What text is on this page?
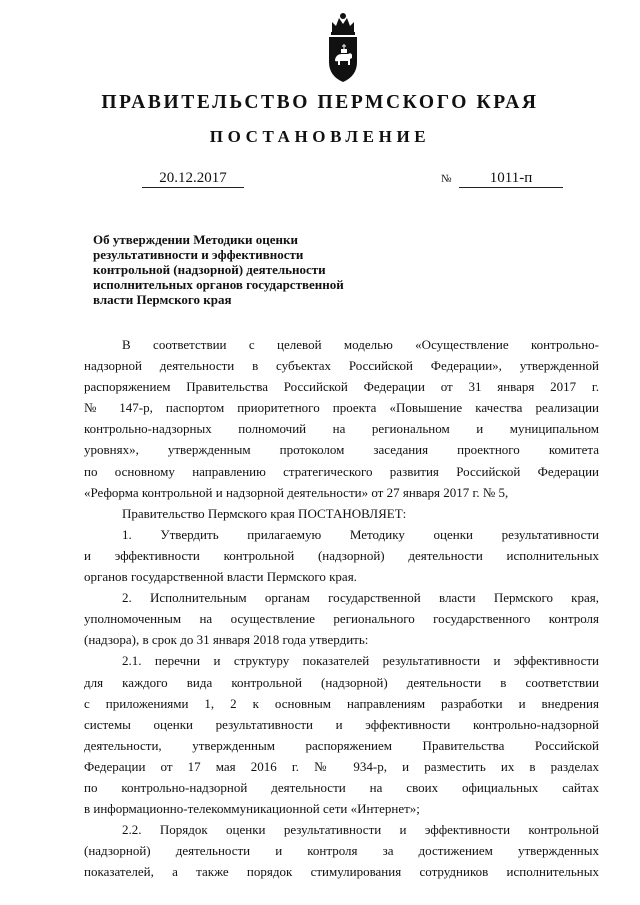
ПРАВИТЕЛЬСТВО ПЕРМСКОГО КРАЯ
ПОСТАНОВЛЕНИЕ
20.12.2017	№	1011-п
Об утверждении Методики оценки
результативности и эффективности
контрольной (надзорной) деятельности
исполнительных органов государственной
власти Пермского края
В соответствии с целевой моделью «Осуществление контрольно-
надзорной деятельности в субъектах Российской Федерации», утвержденной
распоряжением Правительства Российской Федерации от 31 января 2017 г.
№ 147-р, паспортом приоритетного проекта «Повышение качества реализации
контрольно-надзорных полномочий на региональном и муниципальном
уровнях», утвержденным протоколом заседания проектного комитета
по основному направлению стратегического развития Российской Федерации
«Реформа контрольной и надзорной деятельности» от 27 января 2017 г. № 5,
Правительство Пермского края ПОСТАНОВЛЯЕТ:
1. Утвердить прилагаемую Методику оценки результативности
и эффективности контрольной (надзорной) деятельности исполнительных
органов государственной власти Пермского края.
2. Исполнительным органам государственной власти Пермского края,
уполномоченным на осуществление регионального государственного контроля
(надзора), в срок до 31 января 2018 года утвердить:
2.1. перечни и структуру показателей результативности и эффективности
для каждого вида контрольной (надзорной) деятельности в соответствии
с приложениями 1, 2 к основным направлениям разработки и внедрения
системы оценки результативности и эффективности контрольно-надзорной
деятельности, утвержденным распоряжением Правительства Российской
Федерации от 17 мая 2016 г. № 934-р, и разместить их в разделах
по контрольно-надзорной деятельности на своих официальных сайтах
в информационно-телекоммуникационной сети «Интернет»;
2.2. Порядок оценки результативности и эффективности контрольной
(надзорной) деятельности и контроля за достижением утвержденных
показателей, а также порядок стимулирования сотрудников исполнительных
